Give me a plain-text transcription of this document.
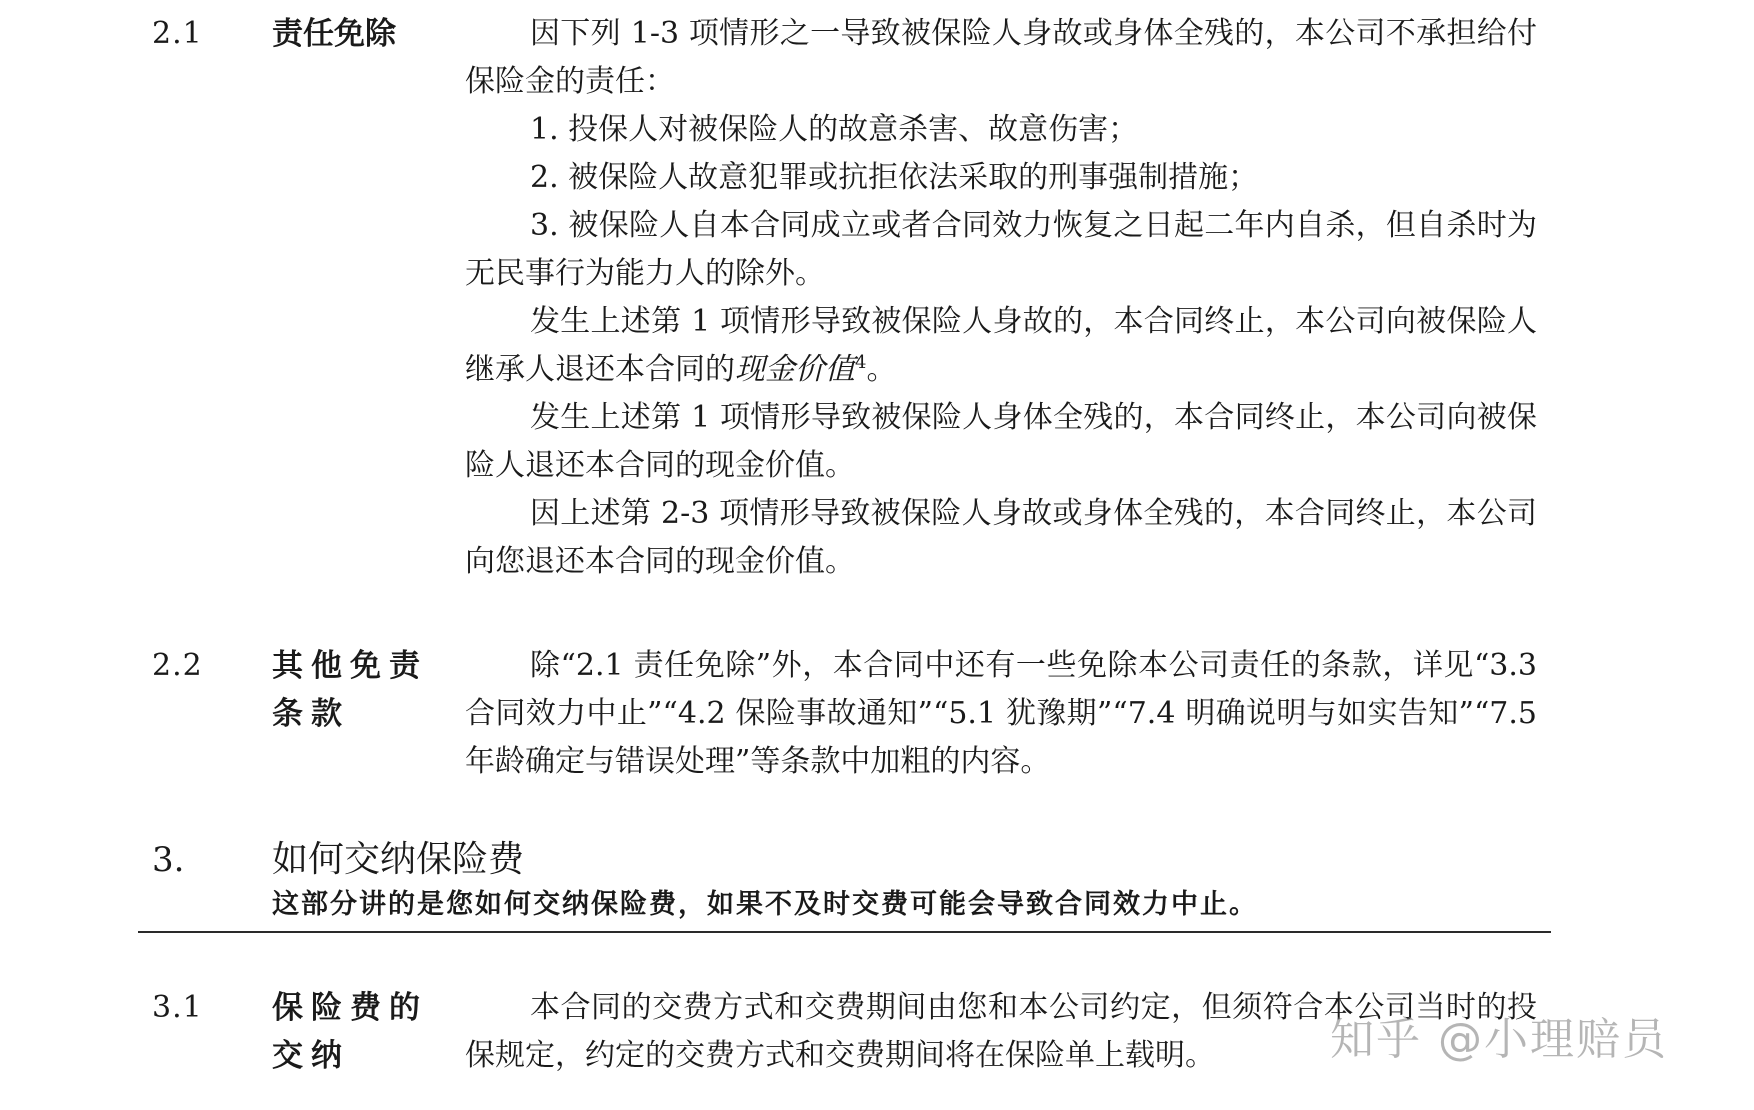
2.1 责任免除	因下列 1-3 项情形之一导致被保险人身故或身体全残的，本公司不承担给付保险金的责任：

1. 投保人对被保险人的故意杀害、故意伤害；

2. 被保险人故意犯罪或抗拒依法采取的刑事强制措施；

3. 被保险人自本合同成立或者合同效力恢复之日起二年内自杀，但自杀时为无民事行为能力人的除外。

发生上述第 1 项情形导致被保险人身故的，本合同终止，本公司向被保险人继承人退还本合同的现金价值$^4$。

发生上述第 1 项情形导致被保险人身体全残的，本合同终止，本公司向被保险人退还本合同的现金价值。

因上述第 2-3 项情形导致被保险人身故或身体全残的，本合同终止，本公司向您退还本合同的现金价值。

2.2 其他免责
条款

除“2.1 责任免除”外，本合同中还有一些免除本公司责任的条款，详见“3.3 合同效力中止”“4.2 保险事故通知”“5.1 犹豫期”“7.4 明确说明与如实告知”“7.5 年龄确定与错误处理”等条款中加粗的内容。

3. 如何交纳保险费
这部分讲的是您如何交纳保险费，如果不及时交费可能会导致合同效力中止。
3.1 保险费的
交纳

本合同的交费方式和交费期间由您和本公司约定，但须符合本公司当时的投保规定，约定的交费方式和交费期间将在保险单上载明。	知乎 @小理赔员
